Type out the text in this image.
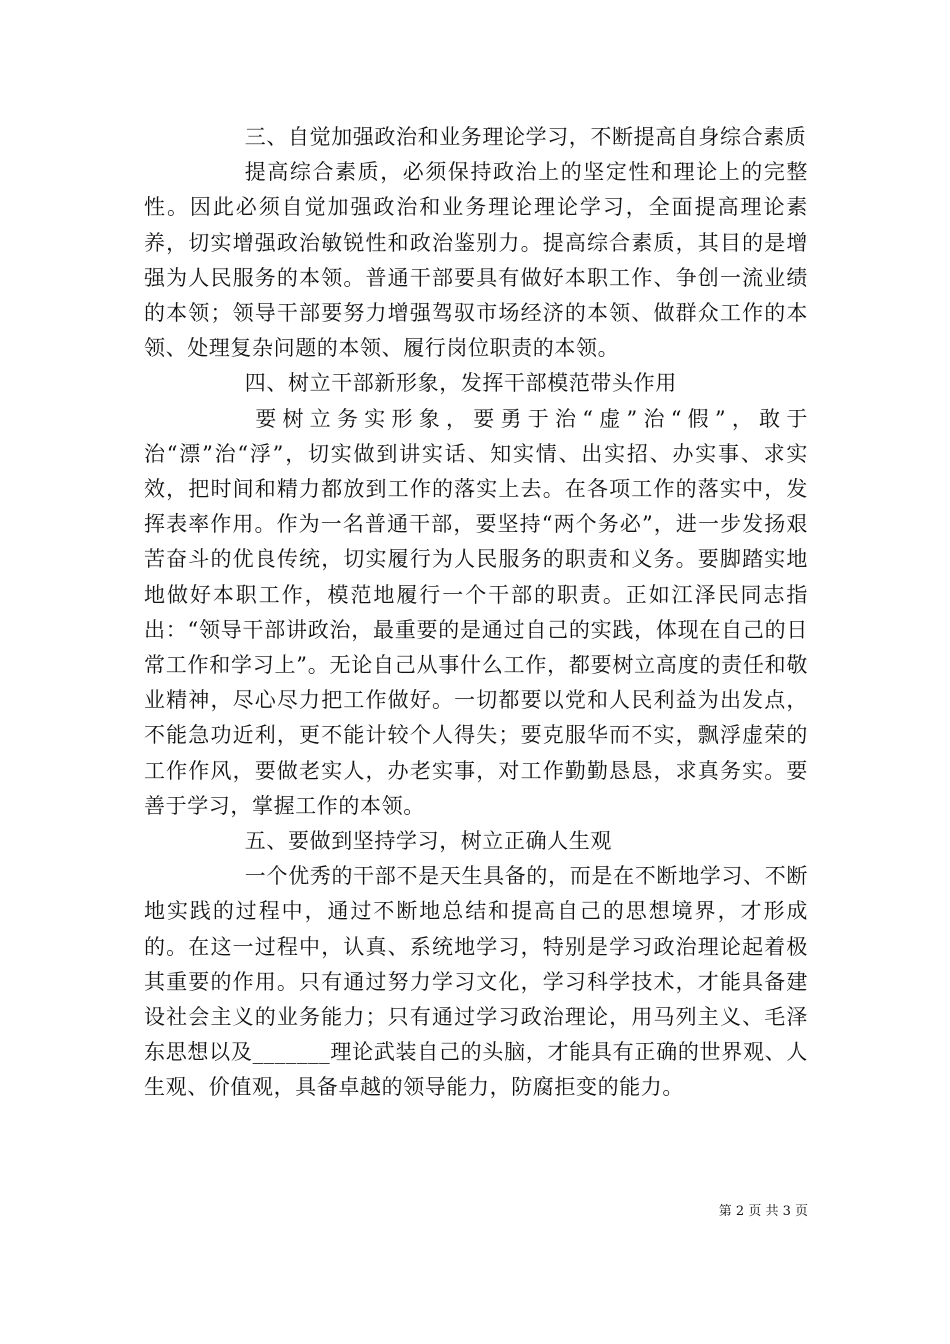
三、自觉加强政治和业务理论学习，不断提高自身综合素质

提高综合素质，必须保持政治上的坚定性和理论上的完整性。因此必须自觉加强政治和业务理论理论学习，全面提高理论素养，切实增强政治敏锐性和政治鉴别力。提高综合素质，其目的是增强为人民服务的本领。普通干部要具有做好本职工作、争创一流业绩的本领；领导干部要努力增强驾驭市场经济的本领、做群众工作的本领、处理复杂问题的本领、履行岗位职责的本领。

四、树立干部新形象，发挥干部模范带头作用

要树立务实形象，要勇于治“虚”治“假”，敢于治“漂”治“浮”，切实做到讲实话、知实情、出实招、办实事、求实效，把时间和精力都放到工作的落实上去。在各项工作的落实中，发挥表率作用。作为一名普通干部，要坚持“两个务必”，进一步发扬艰苦奋斗的优良传统，切实履行为人民服务的职责和义务。要脚踏实地地做好本职工作，模范地履行一个干部的职责。正如江泽民同志指出：“领导干部讲政治，最重要的是通过自己的实践，体现在自己的日常工作和学习上”。无论自己从事什么工作，都要树立高度的责任和敬业精神，尽心尽力把工作做好。一切都要以党和人民利益为出发点，不能急功近利，更不能计较个人得失；要克服华而不实，飘浮虚荣的工作作风，要做老实人，办老实事，对工作勤勤恳恳，求真务实。要善于学习，掌握工作的本领。

五、要做到坚持学习，树立正确人生观

一个优秀的干部不是天生具备的，而是在不断地学习、不断地实践的过程中，通过不断地总结和提高自己的思想境界，才形成的。在这一过程中，认真、系统地学习，特别是学习政治理论起着极其重要的作用。只有通过努力学习文化，学习科学技术，才能具备建设社会主义的业务能力；只有通过学习政治理论，用马列主义、毛泽东思想以及_______理论武装自己的头脑，才能具有正确的世界观、人生观、价值观，具备卓越的领导能力，防腐拒变的能力。

第 2 页 共 3 页
